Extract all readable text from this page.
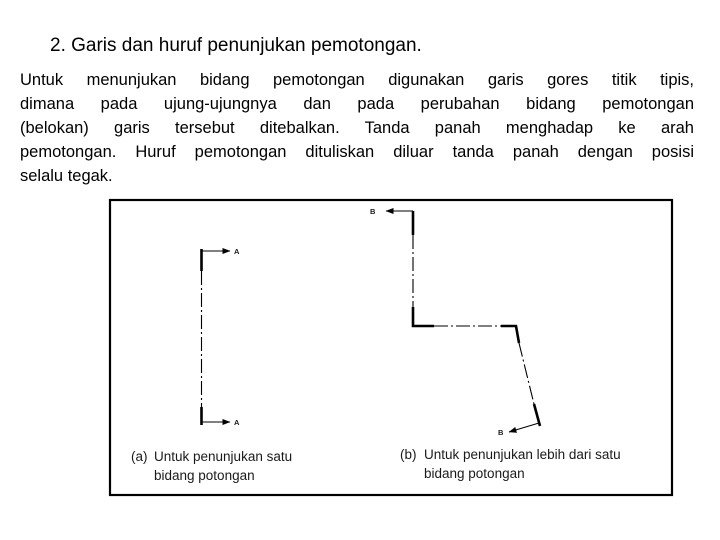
2. Garis dan huruf penunjukan pemotongan.
Untuk menunjukan bidang pemotongan digunakan garis gores titik tipis,
dimana pada ujung-ujungnya dan pada perubahan bidang pemotongan
(belokan) garis tersebut ditebalkan. Tanda panah menghadap ke arah
pemotongan. Huruf pemotongan dituliskan diluar tanda panah dengan posisi
selalu tegak.
A
A
B
B
(a) Untuk penunjukan satu
bidang potongan
(b) Untuk penunjukan lebih dari satu
bidang potongan
